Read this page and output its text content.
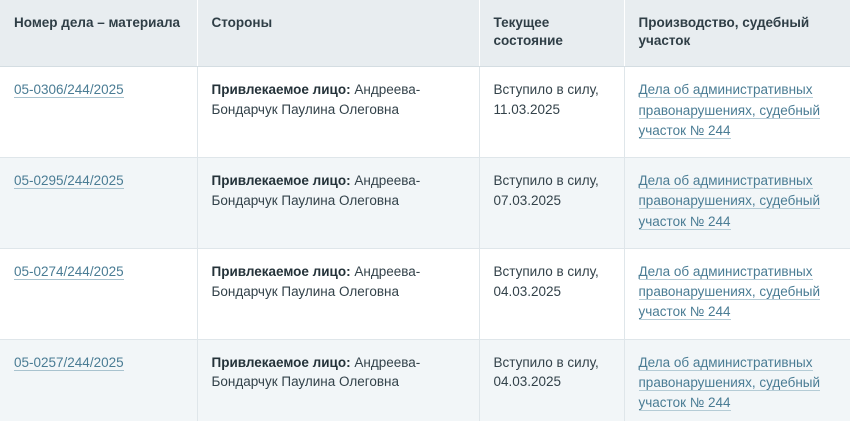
Номер дела – материала	Стороны	Текущее состояние	Производство, судебный участок
05-0306/244/2025	Привлекаемое лицо: Андреева-Бондарчук Паулина Олеговна	Вступило в силу, 11.03.2025	Дела об административных правонарушениях, судебный участок № 244
05-0295/244/2025	Привлекаемое лицо: Андреева-Бондарчук Паулина Олеговна	Вступило в силу, 07.03.2025	Дела об административных правонарушениях, судебный участок № 244
05-0274/244/2025	Привлекаемое лицо: Андреева-Бондарчук Паулина Олеговна	Вступило в силу, 04.03.2025	Дела об административных правонарушениях, судебный участок № 244
05-0257/244/2025	Привлекаемое лицо: Андреева-Бондарчук Паулина Олеговна	Вступило в силу, 04.03.2025	Дела об административных правонарушениях, судебный участок № 244
